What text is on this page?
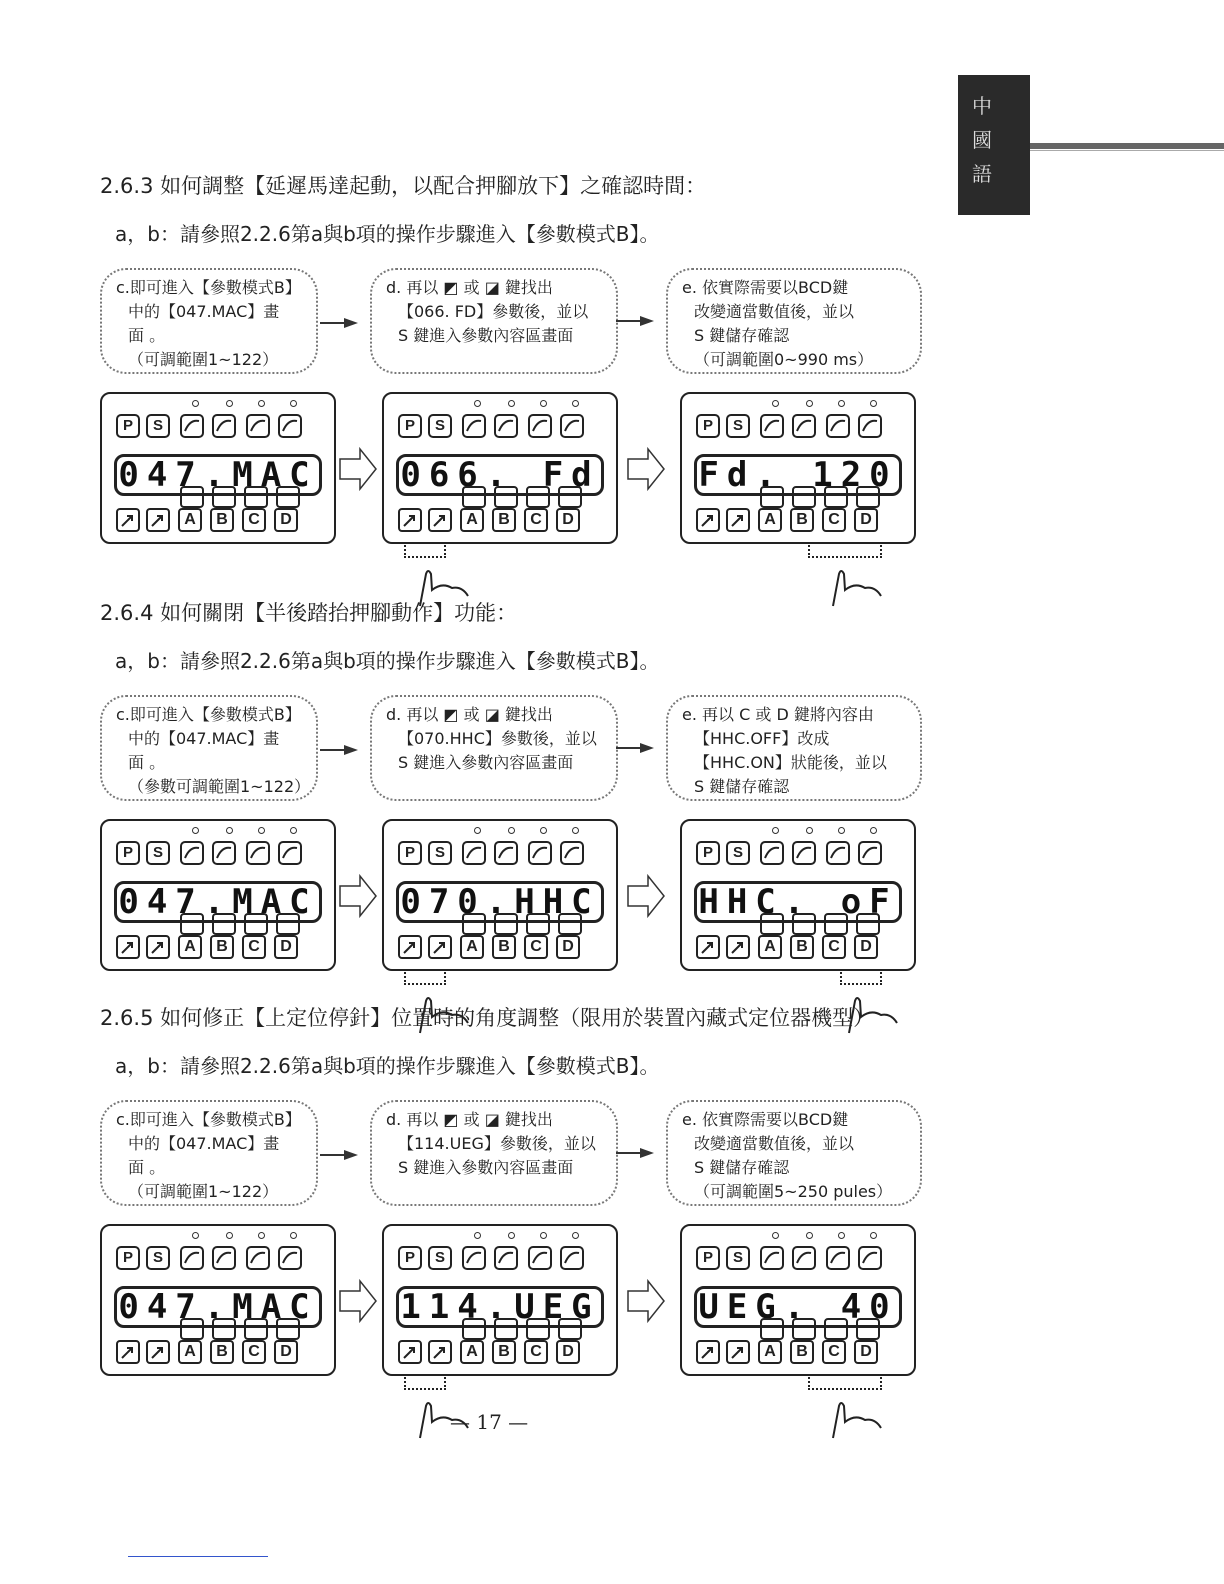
中
國
語
2.6.3 如何調整【延遲馬達起動，以配合押腳放下】之確認時間：
a，b：請參照2.2.6第a與b項的操作步驟進入【參數模式B】。
c.即可進入【參數模式B】
中的【047.MAC】畫
面 。
（可調範圍1~122）
d. 再以 ◩ 或 ◪ 鍵找出
【066. FD】參數後，並以
S 鍵進入參數內容區畫面
e. 依實際需要以BCD鍵
改變適當數值後，並以
S 鍵儲存確認
（可調範圍0~990 ms）
P	S
047.MAC
A	B	C	D
P	S
066. Fd
A	B	C	D
P	S
Fd. 120
A	B	C	D
2.6.4 如何關閉【半後踏抬押腳動作】功能：
a，b：請參照2.2.6第a與b項的操作步驟進入【參數模式B】。
c.即可進入【參數模式B】
中的【047.MAC】畫
面 。
（參數可調範圍1~122）
d. 再以 ◩ 或 ◪ 鍵找出
【070.HHC】參數後，並以
S 鍵進入參數內容區畫面
e. 再以 C 或 D 鍵將內容由
【HHC.OFF】改成
【HHC.ON】狀能後，並以
S 鍵儲存確認
P	S
047.MAC
A	B	C	D
P	S
070.HHC
A	B	C	D
P	S
HHC. oF
A	B	C	D
2.6.5 如何修正【上定位停針】位置時的角度調整（限用於裝置內藏式定位器機型）
a，b：請參照2.2.6第a與b項的操作步驟進入【參數模式B】。
c.即可進入【參數模式B】
中的【047.MAC】畫
面 。
（可調範圍1~122）
d. 再以 ◩ 或 ◪ 鍵找出
【114.UEG】參數後，並以
S 鍵進入參數內容區畫面
e. 依實際需要以BCD鍵
改變適當數值後，並以
S 鍵儲存確認
（可調範圍5~250 pules）
P	S
047.MAC
A	B	C	D
P	S
114.UEG
A	B	C	D
P	S
UEG. 40
A	B	C	D
— 17 —
